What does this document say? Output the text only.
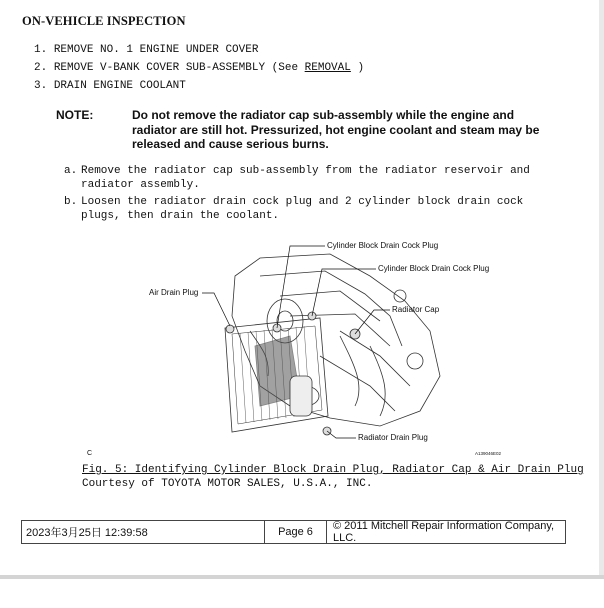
ON-VEHICLE INSPECTION
1. REMOVE NO. 1 ENGINE UNDER COVER
2. REMOVE V-BANK COVER SUB-ASSEMBLY (See REMOVAL )
3. DRAIN ENGINE COOLANT
NOTE:	Do not remove the radiator cap sub-assembly while the engine and radiator are still hot. Pressurized, hot engine coolant and steam may be released and cause serious burns.
a. Remove the radiator cap sub-assembly from the radiator reservoir and radiator assembly.
b. Loosen the radiator drain cock plug and 2 cylinder block drain cock plugs, then drain the coolant.
Cylinder Block Drain Cock Plug
Cylinder Block Drain Cock Plug
Air Drain Plug
Radiator Cap
Radiator Drain Plug
C	A139046E02
Fig. 5: Identifying Cylinder Block Drain Plug, Radiator Cap & Air Drain Plug
Courtesy of TOYOTA MOTOR SALES, U.S.A., INC.
2023年3月25日 12:39:58	Page 6	© 2011 Mitchell Repair Information Company, LLC.
